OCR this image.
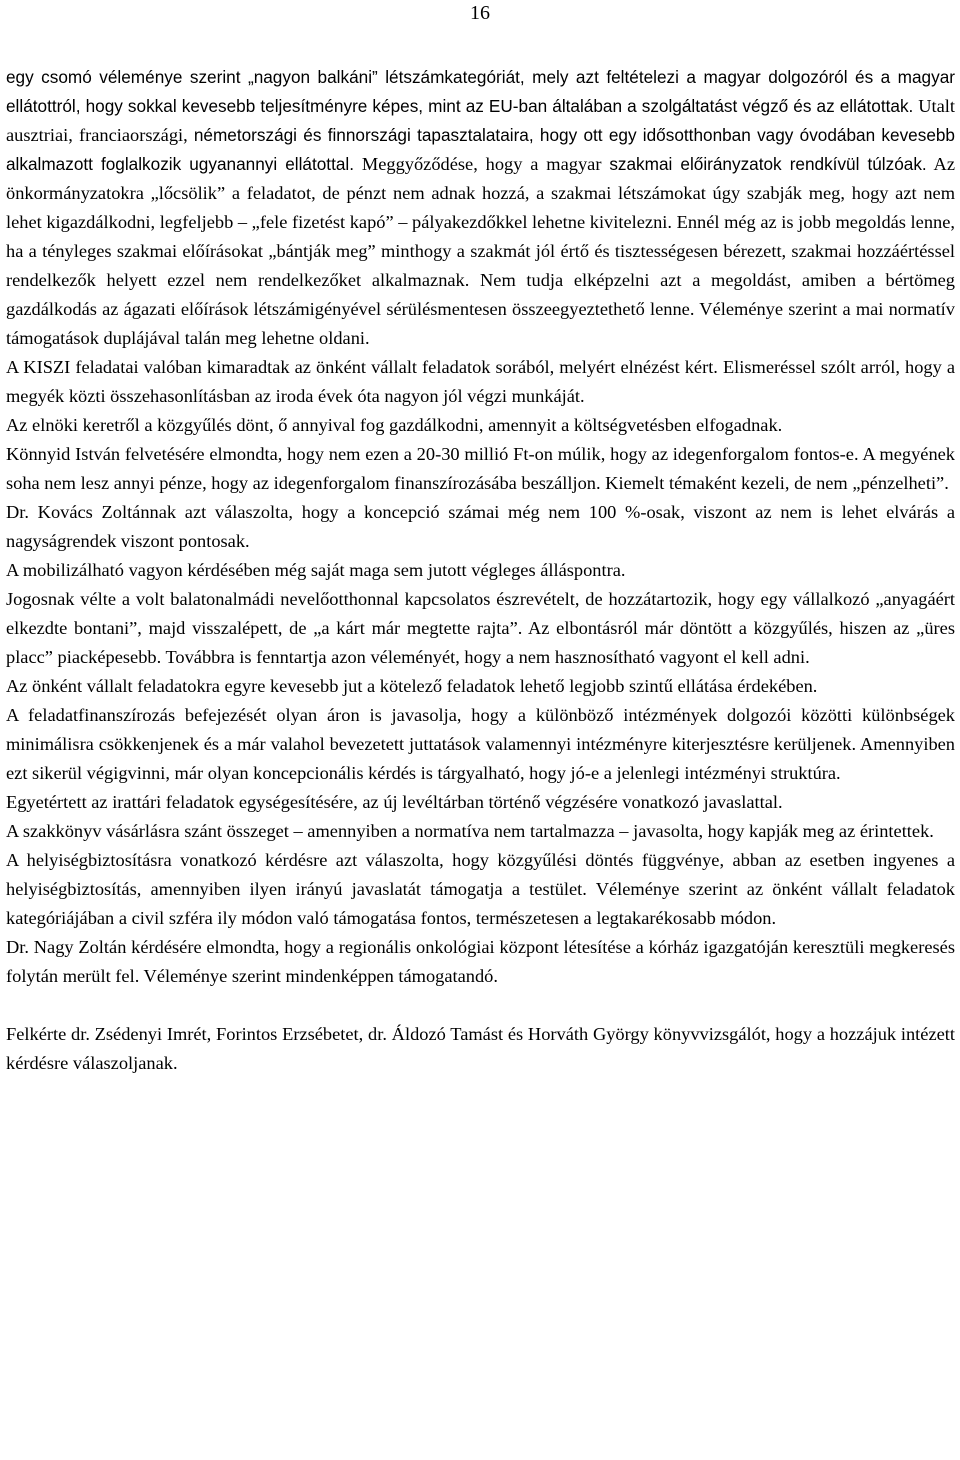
16

egy csomó véleménye szerint „nagyon balkáni” létszámkategóriát, mely azt feltételezi a magyar dolgozóról és a magyar ellátottról, hogy sokkal kevesebb teljesítményre képes, mint az EU-ban általában a szolgáltatást végző és az ellátottak. Utalt ausztriai, franciaországi, németországi és finnországi tapasztalataira, hogy ott egy idősotthonban vagy óvodában kevesebb alkalmazott foglalkozik ugyanannyi ellátottal. Meggyőződése, hogy a magyar szakmai előirányzatok rendkívül túlzóak. Az önkormányzatokra „lőcsölik” a feladatot, de pénzt nem adnak hozzá, a szakmai létszámokat úgy szabják meg, hogy azt nem lehet kigazdálkodni, legfeljebb – „fele fizetést kapó” – pályakezdőkkel lehetne kivitelezni. Ennél még az is jobb megoldás lenne, ha a tényleges szakmai előírásokat „bántják meg” minthogy a szakmát jól értő és tisztességesen bérezett, szakmai hozzáértéssel rendelkezők helyett ezzel nem rendelkezőket alkalmaznak. Nem tudja elképzelni azt a megoldást, amiben a bértömeg gazdálkodás az ágazati előírások létszámigényével sérülésmentesen összeegyeztethető lenne. Véleménye szerint a mai normatív támogatások duplájával talán meg lehetne oldani.

A KISZI feladatai valóban kimaradtak az önként vállalt feladatok sorából, melyért elnézést kért. Elismeréssel szólt arról, hogy a megyék közti összehasonlításban az iroda évek óta nagyon jól végzi munkáját.

Az elnöki keretről a közgyűlés dönt, ő annyival fog gazdálkodni, amennyit a költségvetésben elfogadnak.

Könnyid István felvetésére elmondta, hogy nem ezen a 20-30 millió Ft-on múlik, hogy az idegenforgalom fontos-e. A megyének soha nem lesz annyi pénze, hogy az idegenforgalom finanszírozásába beszálljon. Kiemelt témaként kezeli, de nem „pénzelheti”.

Dr. Kovács Zoltánnak azt válaszolta, hogy a koncepció számai még nem 100 %-osak, viszont az nem is lehet elvárás a nagyságrendek viszont pontosak.

A mobilizálható vagyon kérdésében még saját maga sem jutott végleges álláspontra.

Jogosnak vélte a volt balatonalmádi nevelőotthonnal kapcsolatos észrevételt, de hozzátartozik, hogy egy vállalkozó „anyagáért elkezdte bontani”, majd visszalépett, de „a kárt már megtette rajta”. Az elbontásról már döntött a közgyűlés, hiszen az „üres placc” piacképesebb. Továbbra is fenntartja azon véleményét, hogy a nem hasznosítható vagyont el kell adni.

Az önként vállalt feladatokra egyre kevesebb jut a kötelező feladatok lehető legjobb szintű ellátása érdekében.

A feladatfinanszírozás befejezését olyan áron is javasolja, hogy a különböző intézmények dolgozói közötti különbségek minimálisra csökkenjenek és a már valahol bevezetett juttatások valamennyi intézményre kiterjesztésre kerüljenek. Amennyiben ezt sikerül végigvinni, már olyan koncepcionális kérdés is tárgyalható, hogy jó-e a jelenlegi intézményi struktúra.

Egyetértett az irattári feladatok egységesítésére, az új levéltárban történő végzésére vonatkozó javaslattal.

A szakkönyv vásárlásra szánt összeget – amennyiben a normatíva nem tartalmazza – javasolta, hogy kapják meg az érintettek.

A helyiségbiztosításra vonatkozó kérdésre azt válaszolta, hogy közgyűlési döntés függvénye, abban az esetben ingyenes a helyiségbiztosítás, amennyiben ilyen irányú javaslatát támogatja a testület. Véleménye szerint az önként vállalt feladatok kategóriájában a civil szféra ily módon való támogatása fontos, természetesen a legtakarékosabb módon.

Dr. Nagy Zoltán kérdésére elmondta, hogy a regionális onkológiai központ létesítése a kórház igazgatóján keresztüli megkeresés folytán merült fel. Véleménye szerint mindenképpen támogatandó.

Felkérte dr. Zsédenyi Imrét, Forintos Erzsébetet, dr. Áldozó Tamást és Horváth György könyvvizsgálót, hogy a hozzájuk intézett kérdésre válaszoljanak.
